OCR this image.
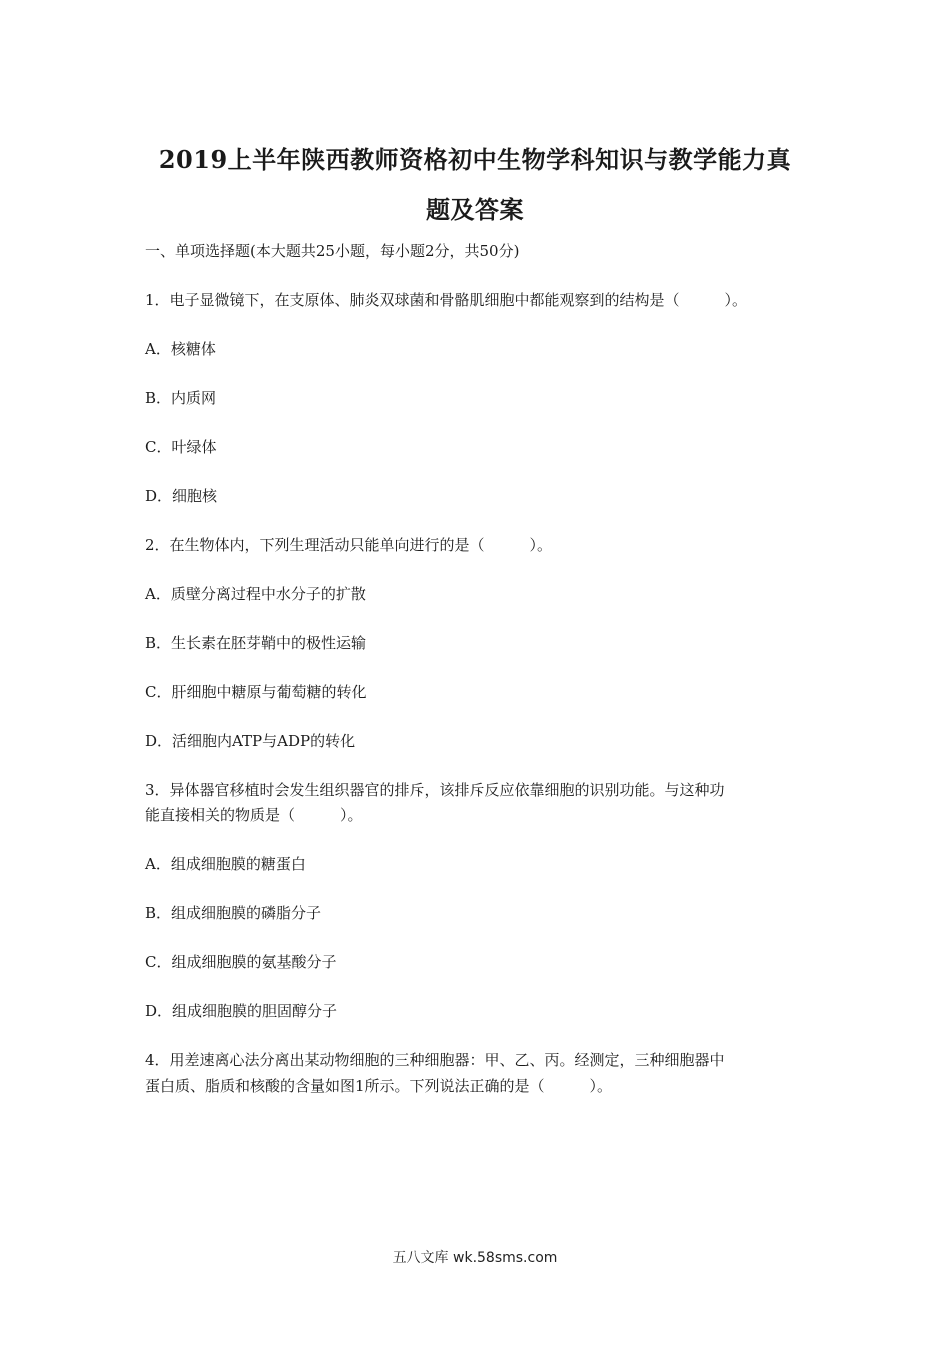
2019上半年陕西教师资格初中生物学科知识与教学能力真
题及答案

一、单项选择题(本大题共25小题，每小题2分，共50分)

1．电子显微镜下，在支原体、肺炎双球菌和骨骼肌细胞中都能观察到的结构是（　　　）。

A．核糖体

B．内质网

C．叶绿体

D．细胞核

2．在生物体内，下列生理活动只能单向进行的是（　　　）。

A．质壁分离过程中水分子的扩散

B．生长素在胚芽鞘中的极性运输

C．肝细胞中糖原与葡萄糖的转化

D．活细胞内ATP与ADP的转化

3．异体器官移植时会发生组织器官的排斥，该排斥反应依靠细胞的识别功能。与这种功

能直接相关的物质是（　　　）。

A．组成细胞膜的糖蛋白

B．组成细胞膜的磷脂分子

C．组成细胞膜的氨基酸分子

D．组成细胞膜的胆固醇分子

4．用差速离心法分离出某动物细胞的三种细胞器：甲、乙、丙。经测定，三种细胞器中

蛋白质、脂质和核酸的含量如图1所示。下列说法正确的是（　　　）。

五八文库 wk.58sms.com
